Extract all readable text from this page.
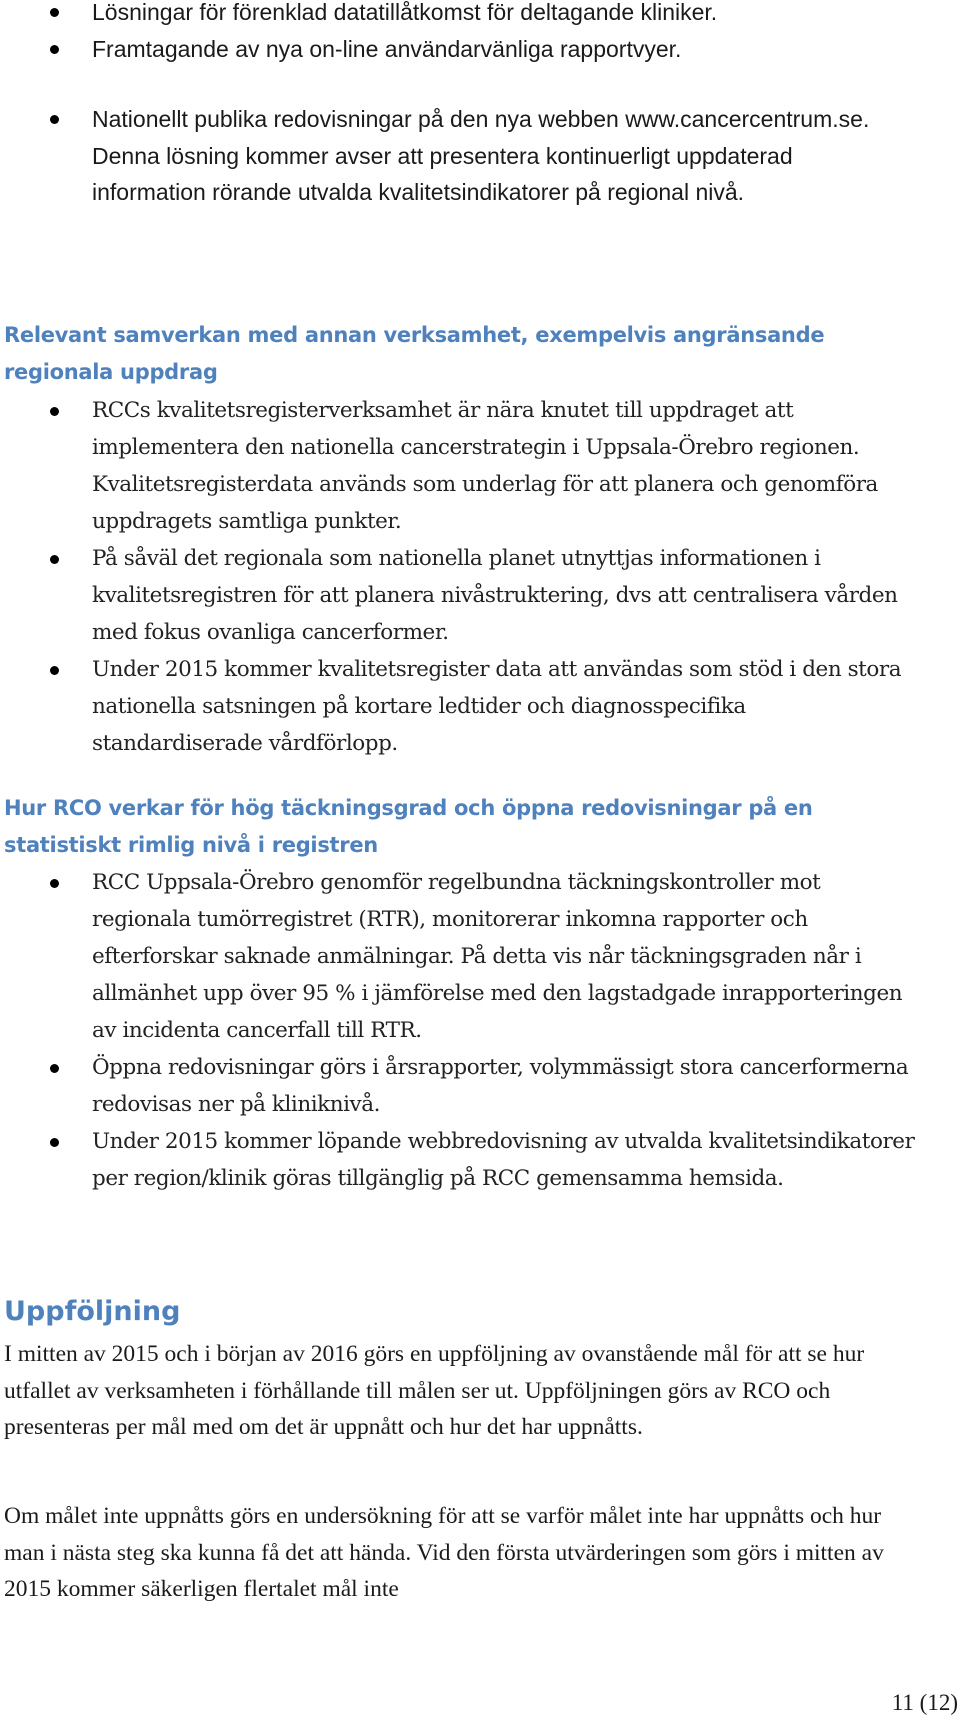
Lösningar för förenklad datatillåtkomst för deltagande kliniker.
Framtagande av nya on-line användarvänliga rapportvyer.
Nationellt publika redovisningar på den nya webben www.cancercentrum.se. Denna lösning kommer avser att presentera kontinuerligt uppdaterad information rörande utvalda kvalitetsindikatorer på regional nivå.
Relevant samverkan med annan verksamhet, exempelvis angränsande regionala uppdrag
RCCs kvalitetsregisterverksamhet är nära knutet till uppdraget att implementera den nationella cancerstrategin i Uppsala-Örebro regionen. Kvalitetsregisterdata används som underlag för att planera och genomföra uppdragets samtliga punkter.
På såväl det regionala som nationella planet utnyttjas informationen i kvalitetsregistren för att planera nivåstruktering, dvs att centralisera vården med fokus ovanliga cancerformer.
Under 2015 kommer kvalitetsregister data att användas som stöd i den stora nationella satsningen på kortare ledtider och diagnosspecifika standardiserade vårdförlopp.
Hur RCO verkar för hög täckningsgrad och öppna redovisningar på en statistiskt rimlig nivå i registren
RCC Uppsala-Örebro genomför regelbundna täckningskontroller mot regionala tumörregistret (RTR), monitorerar inkomna rapporter och efterforskar saknade anmälningar. På detta vis når täckningsgraden når i allmänhet upp över 95 % i jämförelse med den lagstadgade inrapporteringen av incidenta cancerfall till RTR.
Öppna redovisningar görs i årsrapporter, volymmässigt stora cancerformerna redovisas ner på kliniknivå.
Under 2015 kommer löpande webbredovisning av utvalda kvalitetsindikatorer per region/klinik göras tillgänglig på RCC gemensamma hemsida.
Uppföljning

I mitten av 2015 och i början av 2016 görs en uppföljning av ovanstående mål för att se hur utfallet av verksamheten i förhållande till målen ser ut. Uppföljningen görs av RCO och presenteras per mål med om det är uppnått och hur det har uppnåtts.

Om målet inte uppnåtts görs en undersökning för att se varför målet inte har uppnåtts och hur man i nästa steg ska kunna få det att hända. Vid den första utvärderingen som görs i mitten av 2015 kommer säkerligen flertalet mål inte

11 (12)
